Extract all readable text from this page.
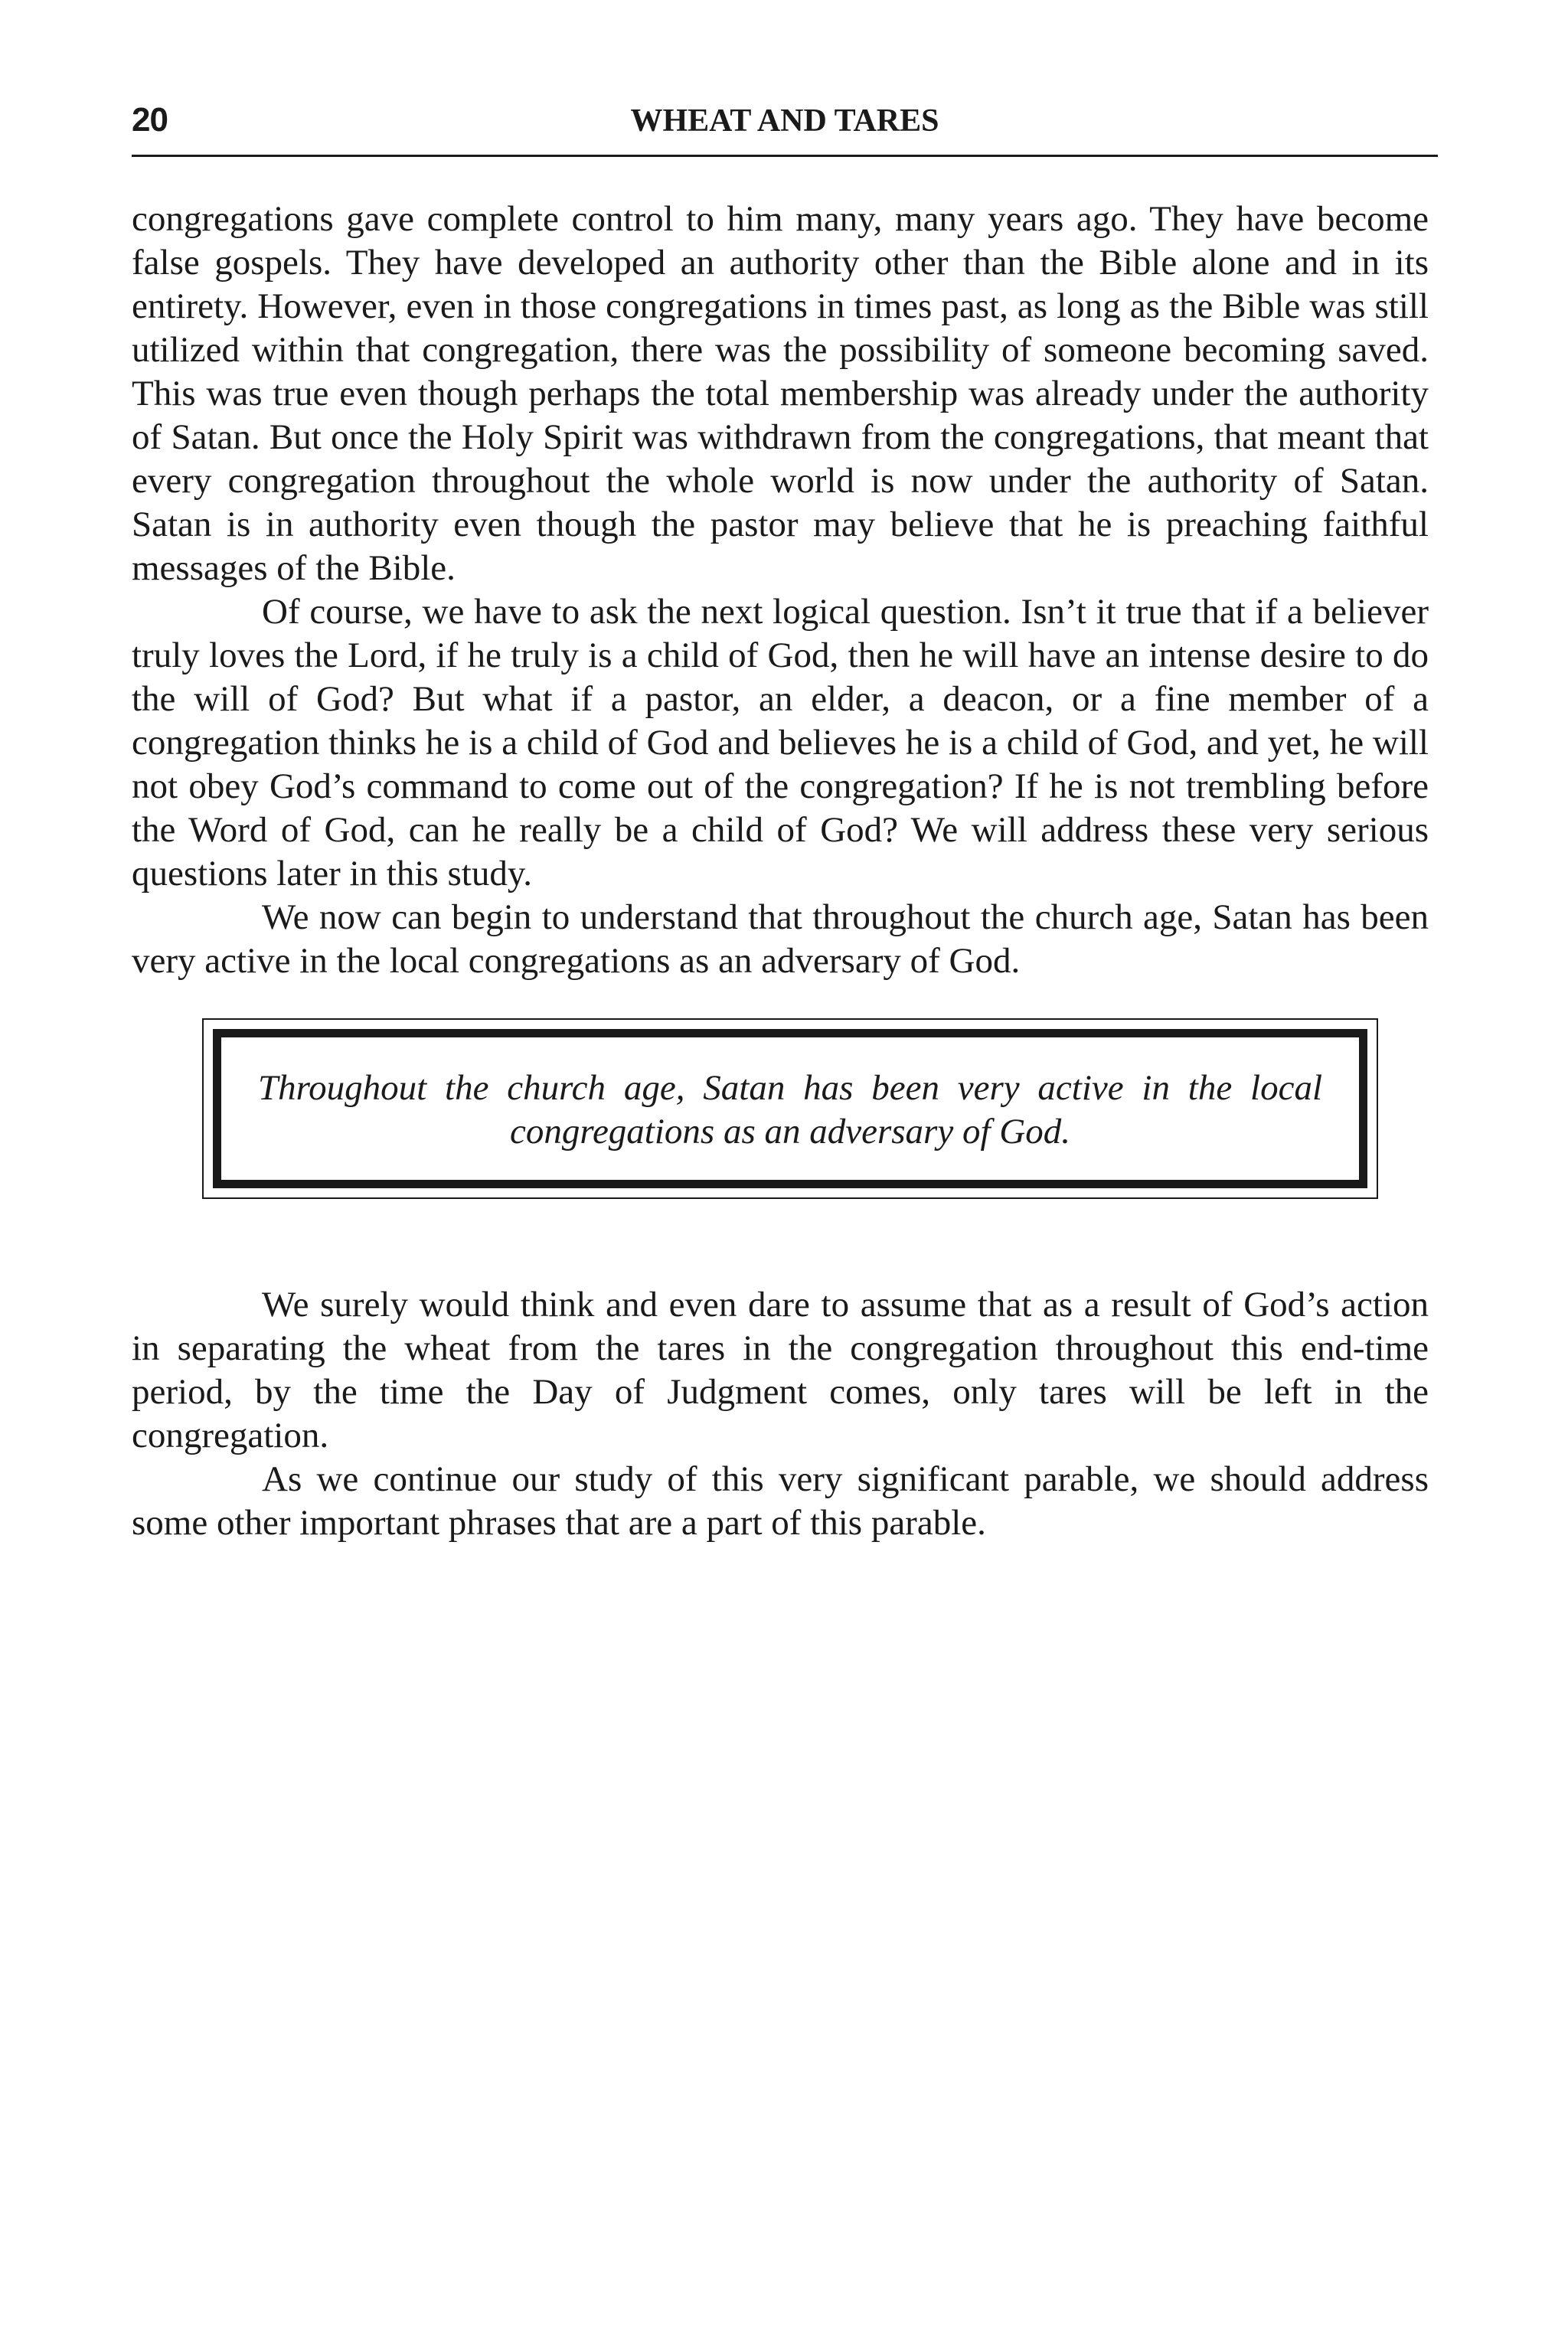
20	WHEAT AND TARES

congregations gave complete control to him many, many years ago. They have become false gospels. They have developed an authority other than the Bible alone and in its entirety. However, even in those congregations in times past, as long as the Bible was still utilized within that congregation, there was the possibility of someone becoming saved. This was true even though perhaps the total membership was already under the authority of Satan. But once the Holy Spirit was withdrawn from the congregations, that meant that every congregation throughout the whole world is now under the authority of Satan. Satan is in authority even though the pastor may believe that he is preaching faithful messages of the Bible.

Of course, we have to ask the next logical question. Isn’t it true that if a believer truly loves the Lord, if he truly is a child of God, then he will have an intense desire to do the will of God? But what if a pastor, an elder, a deacon, or a fine member of a congregation thinks he is a child of God and believes he is a child of God, and yet, he will not obey God’s command to come out of the congregation? If he is not trembling before the Word of God, can he really be a child of God? We will address these very serious questions later in this study.

We now can begin to understand that throughout the church age, Satan has been very active in the local congregations as an adversary of God.

Throughout the church age, Satan has been very active in the local congregations as an adversary of God.

We surely would think and even dare to assume that as a result of God’s action in separating the wheat from the tares in the congregation throughout this end-time period, by the time the Day of Judgment comes, only tares will be left in the congregation.

As we continue our study of this very significant parable, we should address some other important phrases that are a part of this parable.
